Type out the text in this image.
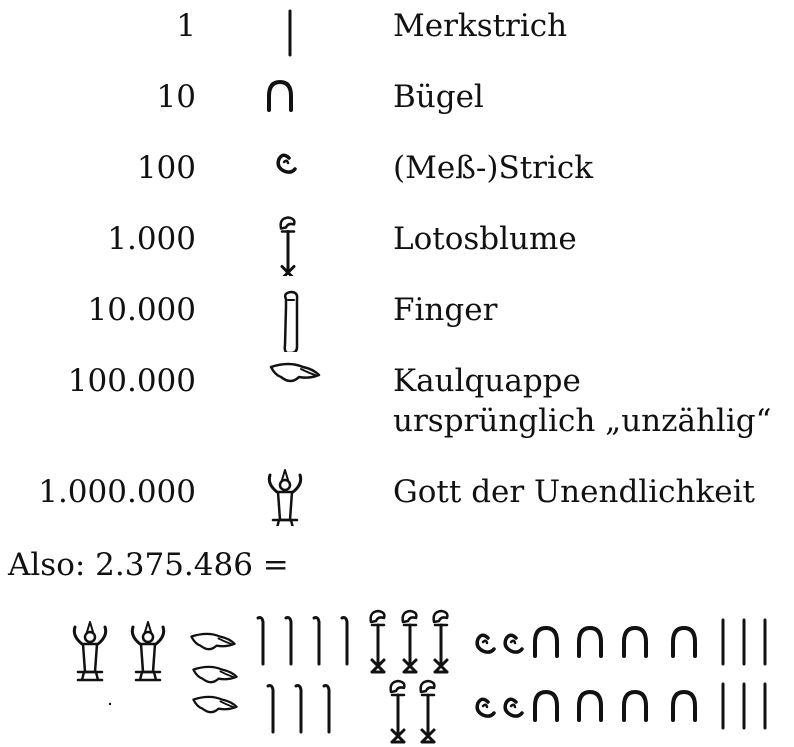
1	Merkstrich
10	Bügel
100	(Meß-)Strick
1.000	Lotosblume
10.000	Finger
100.000	Kaulquappe
ursprünglich „unzählig“
1.000.000	Gott der Unendlichkeit
Also: 2.375.486 =
